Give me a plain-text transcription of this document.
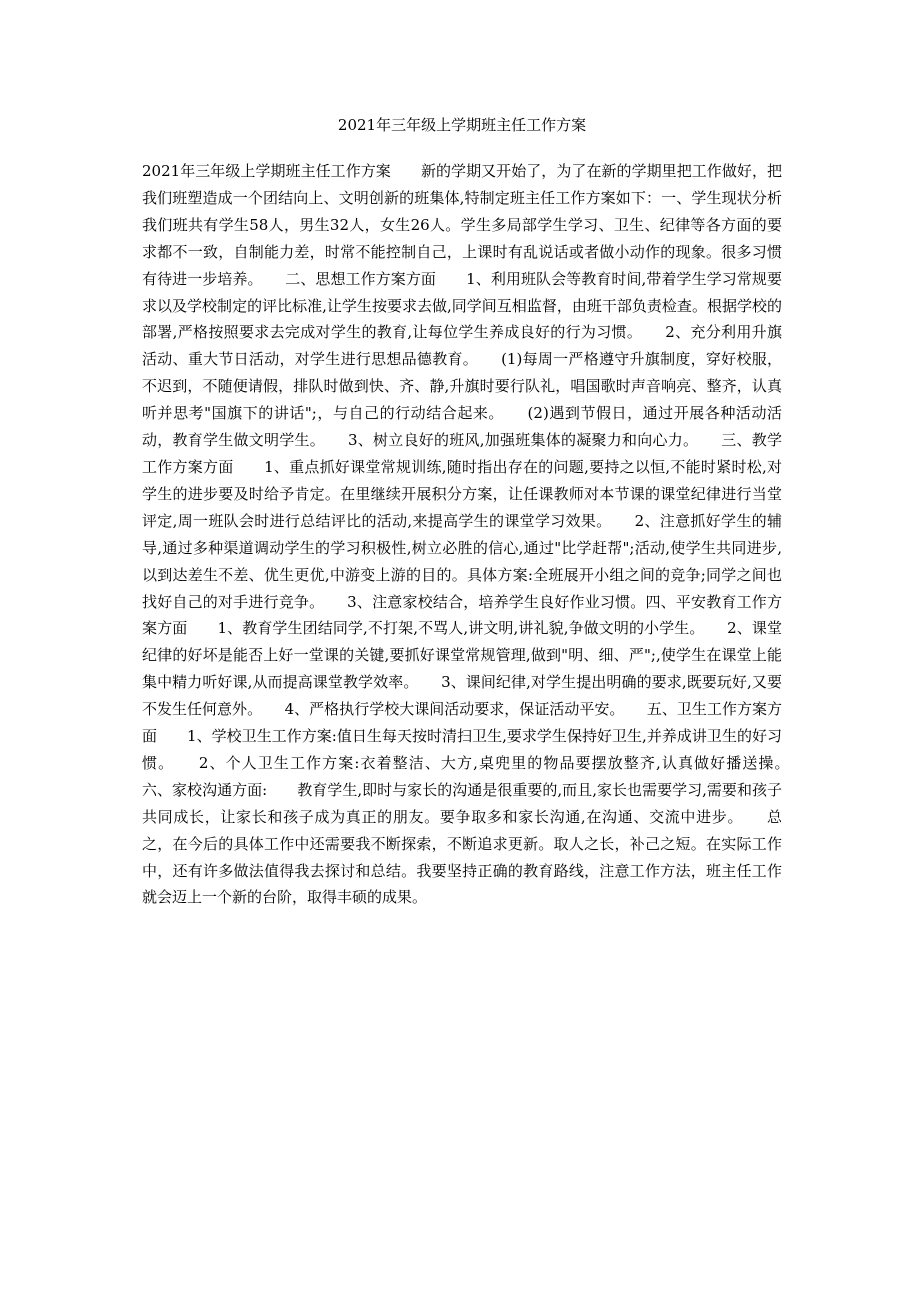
2021年三年级上学期班主任工作方案

2021年三年级上学期班主任工作方案　　新的学期又开始了，为了在新的学期里把工作做好，把我们班塑造成一个团结向上、文明创新的班集体,特制定班主任工作方案如下：一、学生现状分析　　我们班共有学生58人，男生32人，女生26人。学生多局部学生学习、卫生、纪律等各方面的要求都不一致，自制能力差，时常不能控制自己，上课时有乱说话或者做小动作的现象。很多习惯有待进一步培养。　　二、思想工作方案方面　　1、利用班队会等教育时间,带着学生学习常规要求以及学校制定的评比标准,让学生按要求去做,同学间互相监督，由班干部负责检查。根据学校的部署,严格按照要求去完成对学生的教育,让每位学生养成良好的行为习惯。　　2、充分利用升旗活动、重大节日活动，对学生进行思想品德教育。　　(1)每周一严格遵守升旗制度，穿好校服，不迟到，不随便请假，排队时做到快、齐、静,升旗时要行队礼，唱国歌时声音响亮、整齐，认真听并思考"国旗下的讲话";，与自己的行动结合起来。　　(2)遇到节假日，通过开展各种活动活动，教育学生做文明学生。　　3、树立良好的班风,加强班集体的凝聚力和向心力。　　三、教学工作方案方面　　1、重点抓好课堂常规训练,随时指出存在的问题,要持之以恒,不能时紧时松,对学生的进步要及时给予肯定。在里继续开展积分方案，让任课教师对本节课的课堂纪律进行当堂评定,周一班队会时进行总结评比的活动,来提高学生的课堂学习效果。　　2、注意抓好学生的辅导,通过多种渠道调动学生的学习积极性,树立必胜的信心,通过"比学赶帮";活动,使学生共同进步,以到达差生不差、优生更优,中游变上游的目的。具体方案:全班展开小组之间的竞争;同学之间也找好自己的对手进行竞争。　　3、注意家校结合，培养学生良好作业习惯。四、平安教育工作方案方面　　1、教育学生团结同学,不打架,不骂人,讲文明,讲礼貌,争做文明的小学生。　　2、课堂纪律的好坏是能否上好一堂课的关键,要抓好课堂常规管理,做到"明、细、严";,使学生在课堂上能集中精力听好课,从而提高课堂教学效率。　　3、课间纪律,对学生提出明确的要求,既要玩好,又要不发生任何意外。　　4、严格执行学校大课间活动要求，保证活动平安。　　五、卫生工作方案方面　　1、学校卫生工作方案:值日生每天按时清扫卫生,要求学生保持好卫生,并养成讲卫生的好习惯。　　2、个人卫生工作方案:衣着整洁、大方,桌兜里的物品要摆放整齐,认真做好播送操。　　六、家校沟通方面:　　教育学生,即时与家长的沟通是很重要的,而且,家长也需要学习,需要和孩子共同成长，让家长和孩子成为真正的朋友。要争取多和家长沟通,在沟通、交流中进步。　　总之，在今后的具体工作中还需要我不断探索，不断追求更新。取人之长，补己之短。在实际工作中，还有许多做法值得我去探讨和总结。我要坚持正确的教育路线，注意工作方法，班主任工作就会迈上一个新的台阶，取得丰硕的成果。
